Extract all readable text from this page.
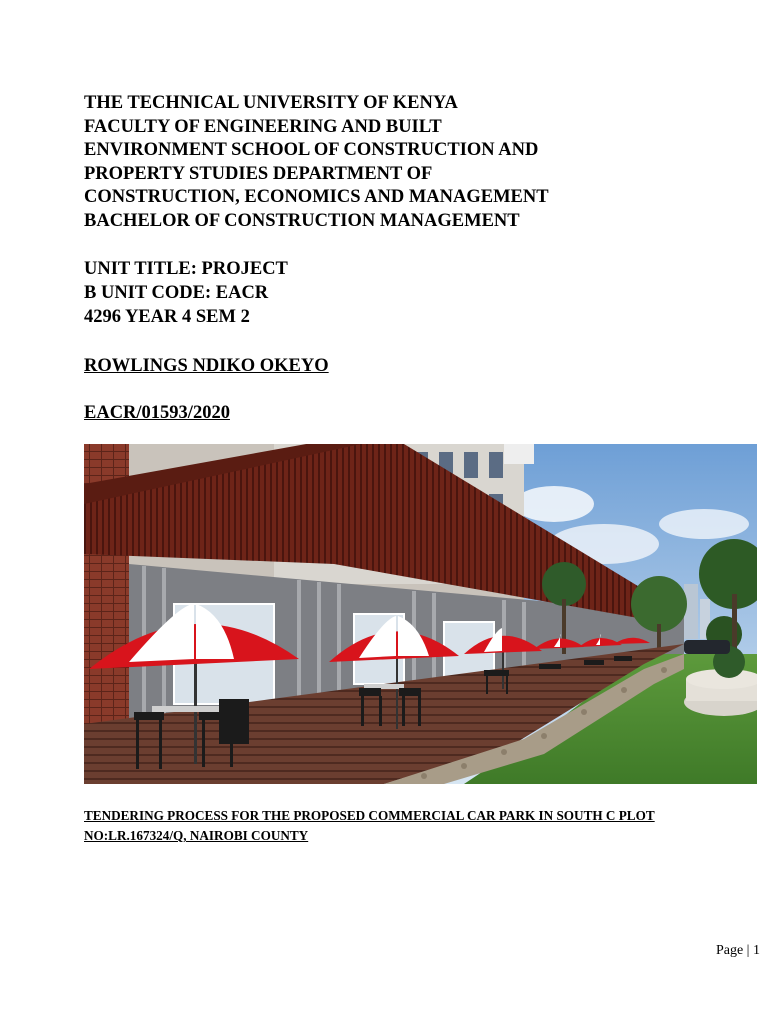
THE TECHNICAL UNIVERSITY OF KENYA
FACULTY OF ENGINEERING AND BUILT
ENVIRONMENT SCHOOL OF CONSTRUCTION AND
PROPERTY STUDIES DEPARTMENT OF
CONSTRUCTION, ECONOMICS AND MANAGEMENT
BACHELOR OF CONSTRUCTION MANAGEMENT
UNIT TITLE: PROJECT
B UNIT CODE: EACR
4296 YEAR 4 SEM 2
ROWLINGS NDIKO OKEYO
EACR/01593/2020
TENDERING PROCESS FOR THE PROPOSED COMMERCIAL CAR PARK IN SOUTH C PLOT
NO:LR.167324/Q, NAIROBI COUNTY
Page | 1
